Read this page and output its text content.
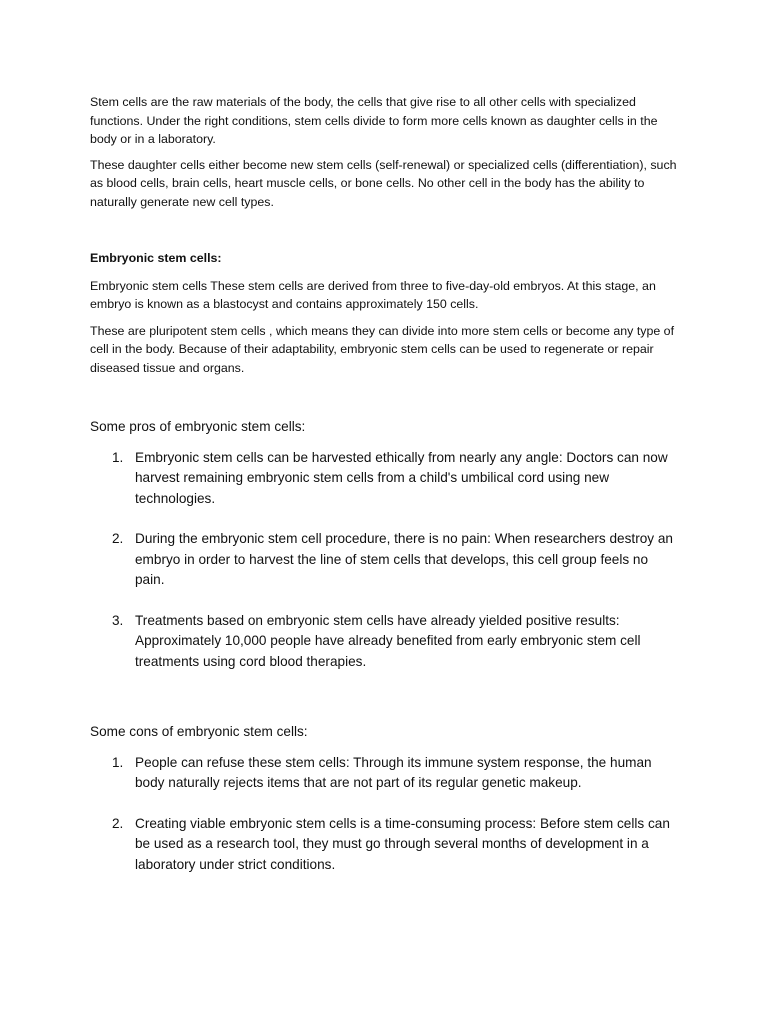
Stem cells are the raw materials of the body, the cells that give rise to all other cells with specialized functions. Under the right conditions, stem cells divide to form more cells known as daughter cells in the body or in a laboratory.

These daughter cells either become new stem cells (self-renewal) or specialized cells (differentiation), such as blood cells, brain cells, heart muscle cells, or bone cells. No other cell in the body has the ability to naturally generate new cell types.

Embryonic stem cells:

Embryonic stem cells These stem cells are derived from three to five-day-old embryos. At this stage, an embryo is known as a blastocyst and contains approximately 150 cells.

These are pluripotent stem cells , which means they can divide into more stem cells or become any type of cell in the body. Because of their adaptability, embryonic stem cells can be used to regenerate or repair diseased tissue and organs.

Some pros of embryonic stem cells:

1. Embryonic stem cells can be harvested ethically from nearly any angle: Doctors can now harvest remaining embryonic stem cells from a child's umbilical cord using new technologies.
2. During the embryonic stem cell procedure, there is no pain: When researchers destroy an embryo in order to harvest the line of stem cells that develops, this cell group feels no pain.
3. Treatments based on embryonic stem cells have already yielded positive results: Approximately 10,000 people have already benefited from early embryonic stem cell treatments using cord blood therapies.

Some cons of embryonic stem cells:

1. People can refuse these stem cells: Through its immune system response, the human body naturally rejects items that are not part of its regular genetic makeup.
2. Creating viable embryonic stem cells is a time-consuming process: Before stem cells can be used as a research tool, they must go through several months of development in a laboratory under strict conditions.
